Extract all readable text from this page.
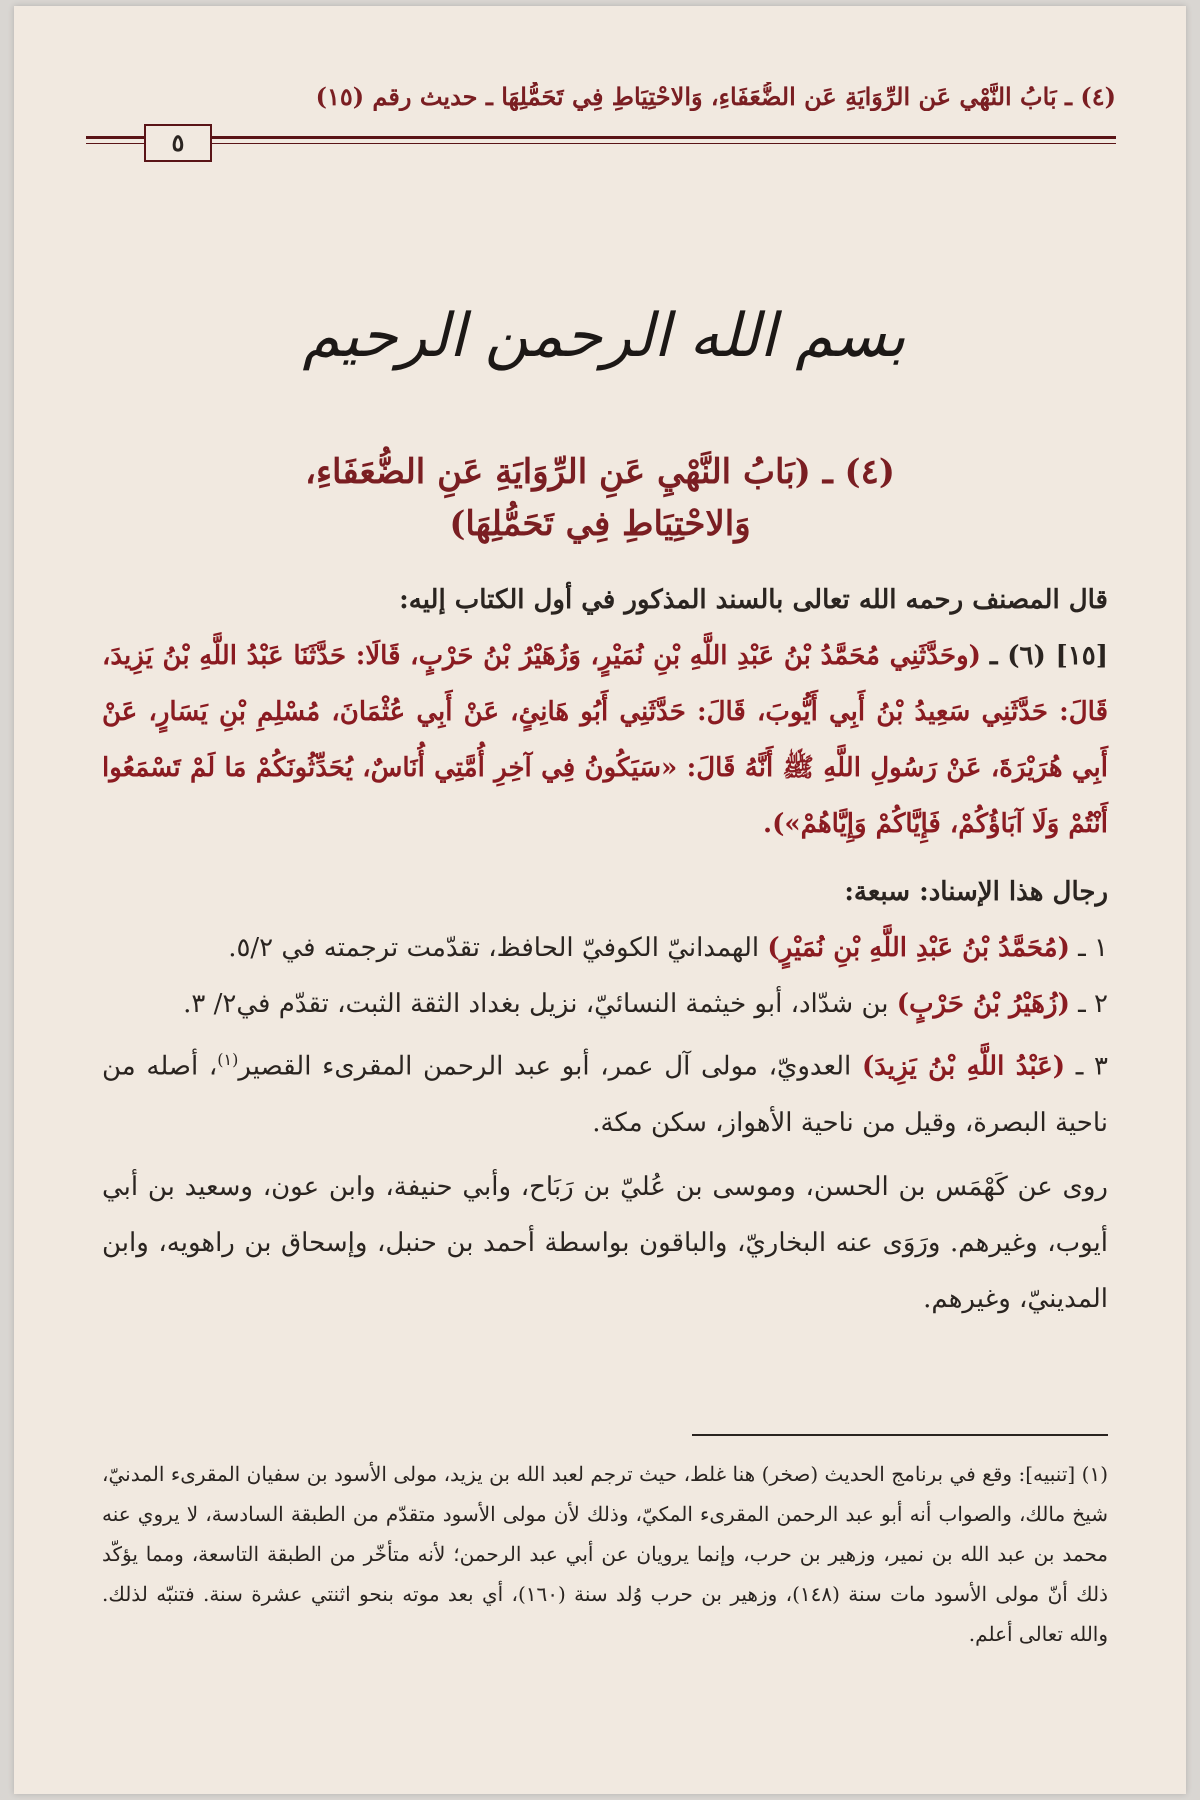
(٤) ـ بَابُ النَّهْيِ عَنِ الرِّوَايَةِ عَنِ الضُّعَفَاءِ، وَالاحْتِيَاطِ فِي تَحَمُّلِهَا ـ حديث رقم (١٥)
٥
بسم الله الرحمن الرحيم
(٤) ـ (بَابُ النَّهْيِ عَنِ الرِّوَايَةِ عَنِ الضُّعَفَاءِ،
وَالاحْتِيَاطِ فِي تَحَمُّلِهَا)

قال المصنف رحمه الله تعالى بالسند المذكور في أول الكتاب إليه:

[١٥] (٦) ـ (وحَدَّثَنِي مُحَمَّدُ بْنُ عَبْدِ اللَّهِ بْنِ نُمَيْرٍ، وَزُهَيْرُ بْنُ حَرْبٍ، قَالَا: حَدَّثَنَا عَبْدُ اللَّهِ بْنُ يَزِيدَ، قَالَ: حَدَّثَنِي سَعِيدُ بْنُ أَبِي أَيُّوبَ، قَالَ: حَدَّثَنِي أَبُو هَانِئٍ، عَنْ أَبِي عُثْمَانَ، مُسْلِمِ بْنِ يَسَارٍ، عَنْ أَبِي هُرَيْرَةَ، عَنْ رَسُولِ اللَّهِ ﷺ أَنَّهُ قَالَ: «سَيَكُونُ فِي آخِرِ أُمَّتِي أُنَاسٌ، يُحَدِّثُونَكُمْ مَا لَمْ تَسْمَعُوا أَنْتُمْ وَلَا آبَاؤُكُمْ، فَإِيَّاكُمْ وَإِيَّاهُمْ»).

رجال هذا الإسناد: سبعة:

١ ـ (مُحَمَّدُ بْنُ عَبْدِ اللَّهِ بْنِ نُمَيْرٍ) الهمدانيّ الكوفيّ الحافظ، تقدّمت ترجمته في ٥/٢.

٢ ـ (زُهَيْرُ بْنُ حَرْبٍ) بن شدّاد، أبو خيثمة النسائيّ، نزيل بغداد الثقة الثبت، تقدّم في٢/ ٣.

٣ ـ (عَبْدُ اللَّهِ بْنُ يَزِيدَ) العدويّ، مولى آل عمر، أبو عبد الرحمن المقرىء القصير$^{(١)}$، أصله من ناحية البصرة، وقيل من ناحية الأهواز، سكن مكة.

روى عن كَهْمَس بن الحسن، وموسى بن عُليّ بن رَبَاح، وأبي حنيفة، وابن عون، وسعيد بن أبي أيوب، وغيرهم. ورَوَى عنه البخاريّ، والباقون بواسطة أحمد بن حنبل، وإسحاق بن راهويه، وابن المدينيّ، وغيرهم.

(١) [تنبيه]: وقع في برنامج الحديث (صخر) هنا غلط، حيث ترجم لعبد الله بن يزيد، مولى الأسود بن سفيان المقرىء المدنيّ، شيخ مالك، والصواب أنه أبو عبد الرحمن المقرىء المكيّ، وذلك لأن مولى الأسود متقدّم من الطبقة السادسة، لا يروي عنه محمد بن عبد الله بن نمير، وزهير بن حرب، وإنما يرويان عن أبي عبد الرحمن؛ لأنه متأخّر من الطبقة التاسعة، ومما يؤكّد ذلك أنّ مولى الأسود مات سنة (١٤٨)، وزهير بن حرب وُلد سنة (١٦٠)، أي بعد موته بنحو اثنتي عشرة سنة. فتنبّه لذلك. والله تعالى أعلم.
